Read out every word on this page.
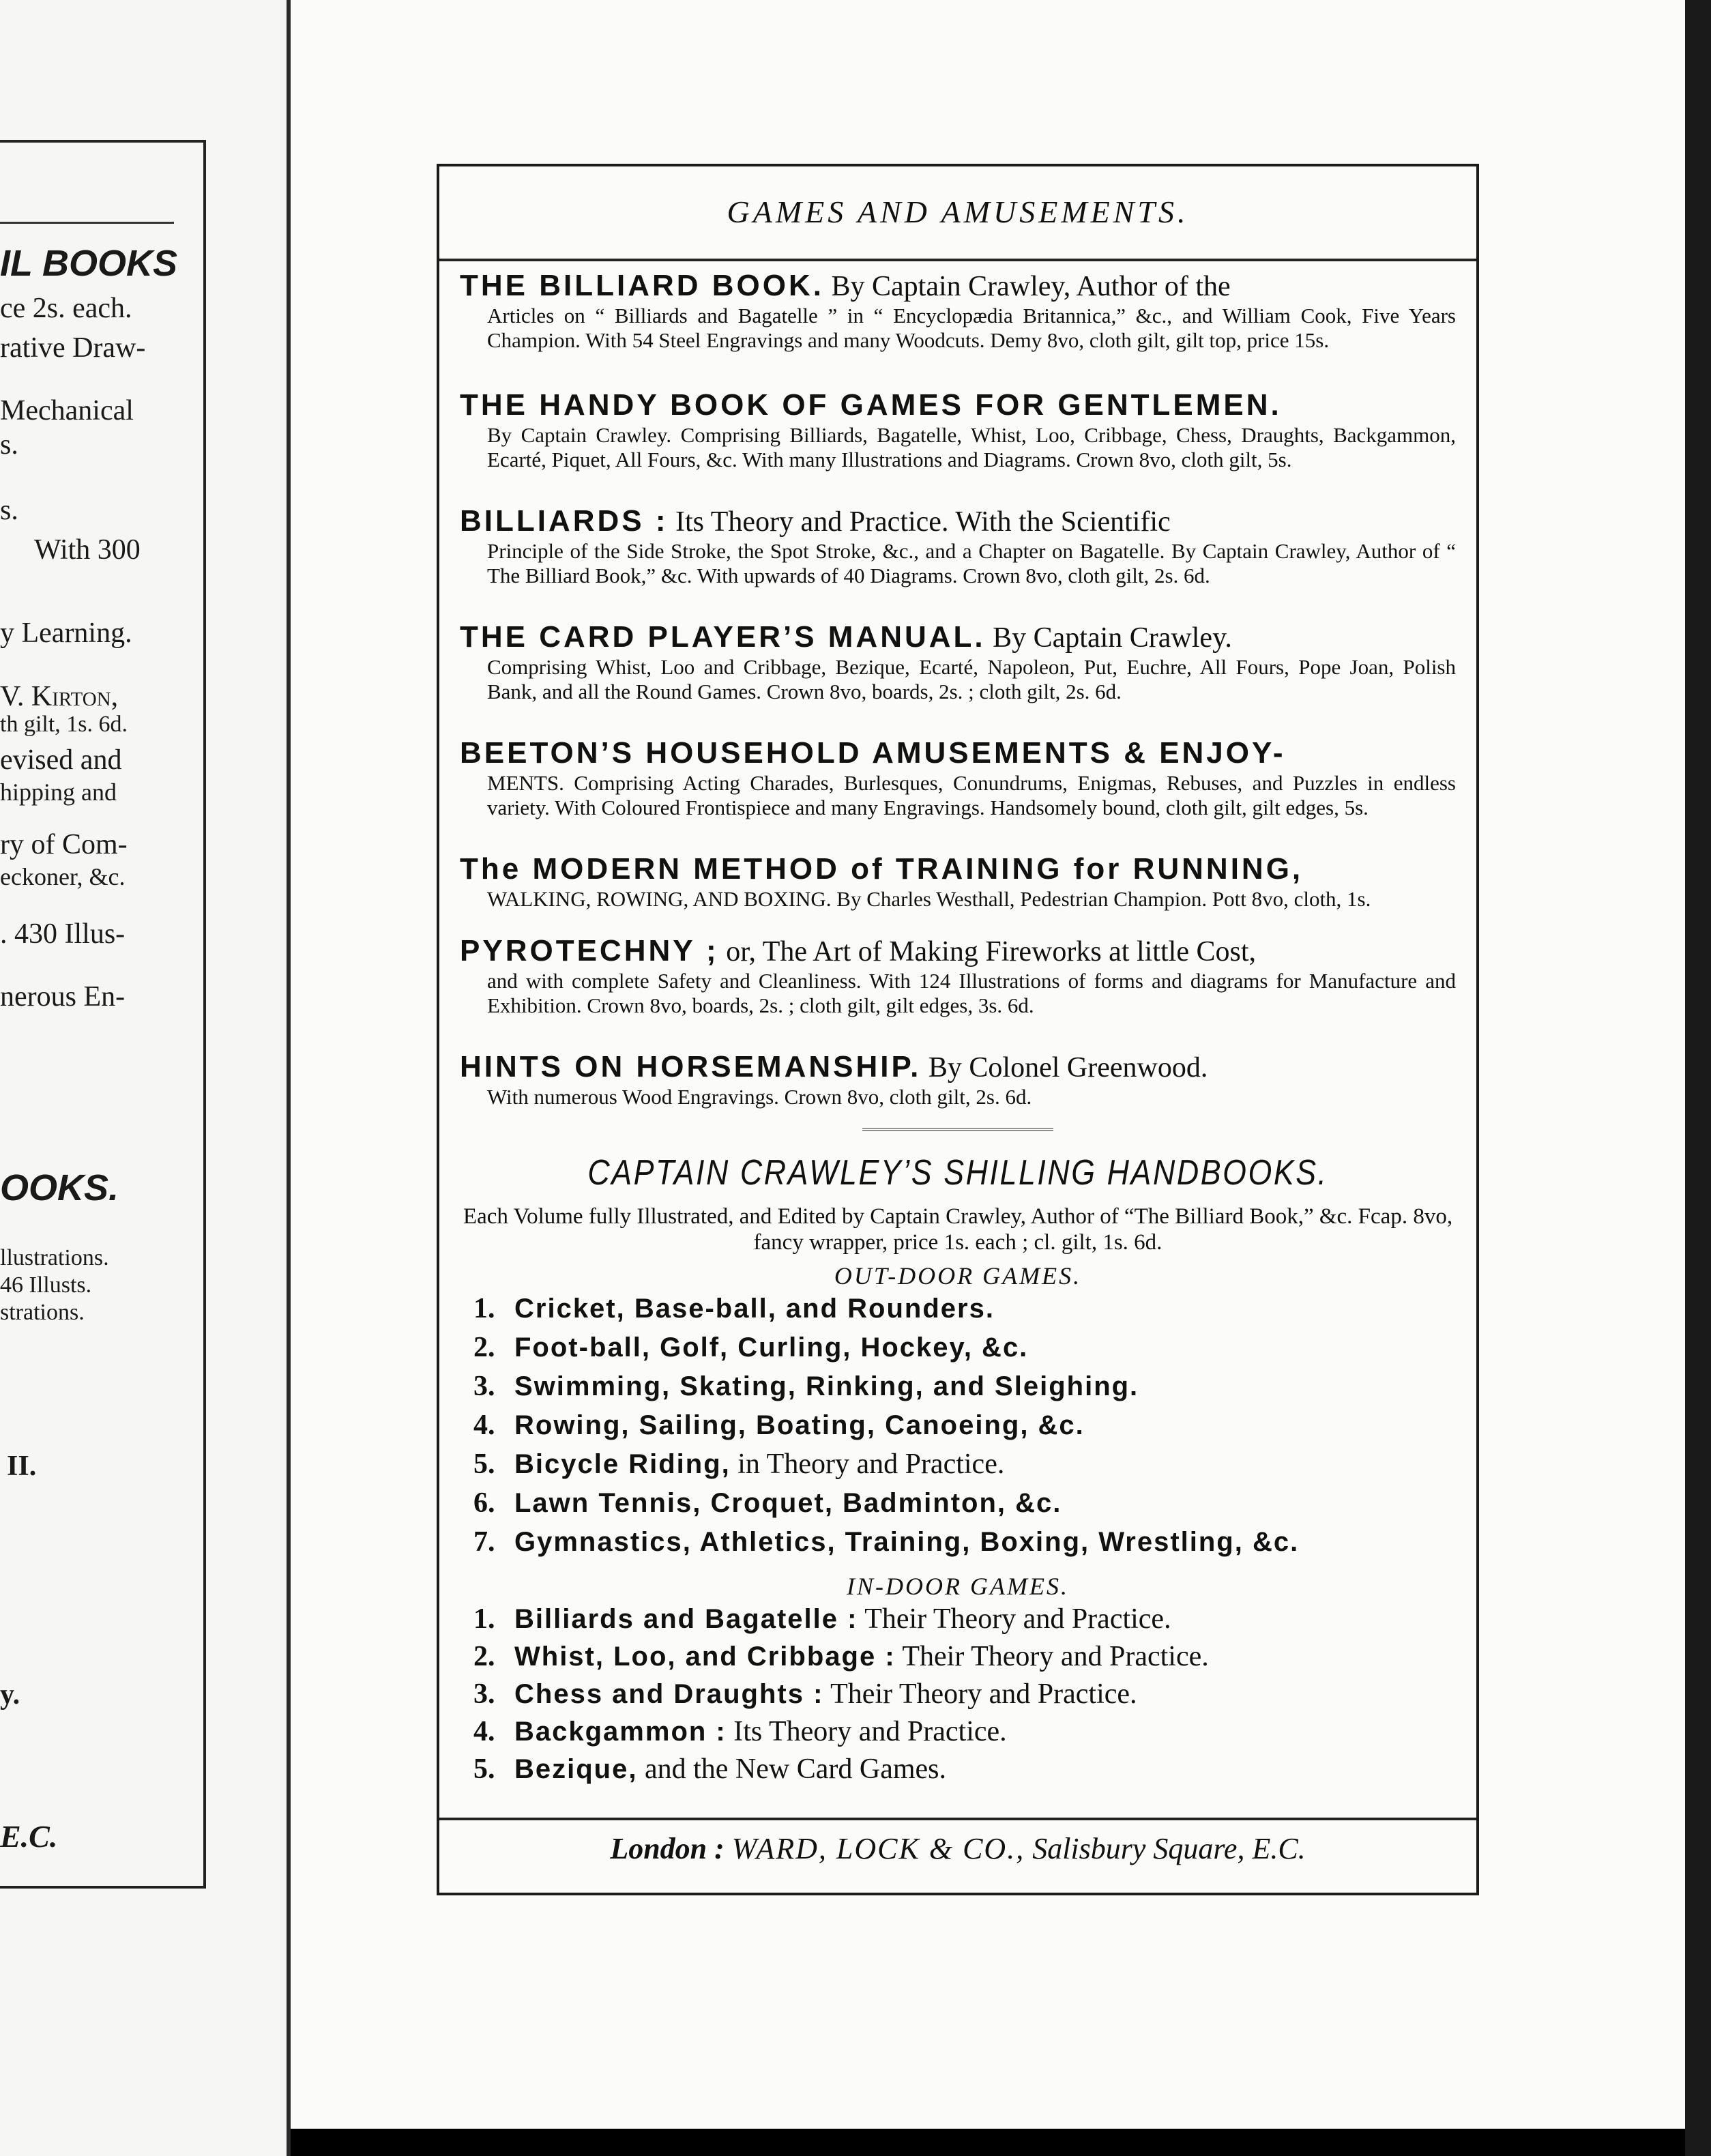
IL BOOKS
ce 2s. each.
rative Draw-
Mechanical
s.
s.
With 300
y Learning.
V. Kirton,
th gilt, 1s. 6d.
evised and
hipping and
ry of Com-
eckoner, &c.
. 430 Illus-
nerous En-
OOKS.
llustrations.
46 Illusts.
strations.
II.
y.
E.C.
GAMES AND AMUSEMENTS.
THE BILLIARD BOOK. By Captain Crawley, Author of the
Articles on “ Billiards and Bagatelle ” in “ Encyclopædia Britannica,” &c., and William Cook, Five Years Champion. With 54 Steel Engravings and many Woodcuts. Demy 8vo, cloth gilt, gilt top, price 15s.
THE HANDY BOOK OF GAMES FOR GENTLEMEN.
By Captain Crawley. Comprising Billiards, Bagatelle, Whist, Loo, Cribbage, Chess, Draughts, Backgammon, Ecarté, Piquet, All Fours, &c. With many Illustrations and Diagrams. Crown 8vo, cloth gilt, 5s.
BILLIARDS : Its Theory and Practice. With the Scientific
Principle of the Side Stroke, the Spot Stroke, &c., and a Chapter on Bagatelle. By Captain Crawley, Author of “ The Billiard Book,” &c. With upwards of 40 Diagrams. Crown 8vo, cloth gilt, 2s. 6d.
THE CARD PLAYER’S MANUAL. By Captain Crawley.
Comprising Whist, Loo and Cribbage, Bezique, Ecarté, Napoleon, Put, Euchre, All Fours, Pope Joan, Polish Bank, and all the Round Games. Crown 8vo, boards, 2s. ; cloth gilt, 2s. 6d.
BEETON’S HOUSEHOLD AMUSEMENTS & ENJOY-
MENTS. Comprising Acting Charades, Burlesques, Conundrums, Enigmas, Rebuses, and Puzzles in endless variety. With Coloured Frontispiece and many Engravings. Handsomely bound, cloth gilt, gilt edges, 5s.
The MODERN METHOD of TRAINING for RUNNING,
WALKING, ROWING, AND BOXING. By Charles Westhall, Pedestrian Champion. Pott 8vo, cloth, 1s.
PYROTECHNY ; or, The Art of Making Fireworks at little Cost,
and with complete Safety and Cleanliness. With 124 Illustrations of forms and diagrams for Manufacture and Exhibition. Crown 8vo, boards, 2s. ; cloth gilt, gilt edges, 3s. 6d.
HINTS ON HORSEMANSHIP. By Colonel Greenwood.
With numerous Wood Engravings. Crown 8vo, cloth gilt, 2s. 6d.
CAPTAIN CRAWLEY’S SHILLING HANDBOOKS.
Each Volume fully Illustrated, and Edited by Captain Crawley, Author of “The Billiard Book,” &c. Fcap. 8vo, fancy wrapper, price 1s. each ; cl. gilt, 1s. 6d.
OUT-DOOR GAMES.
1. Cricket, Base-ball, and Rounders.
2. Foot-ball, Golf, Curling, Hockey, &c.
3. Swimming, Skating, Rinking, and Sleighing.
4. Rowing, Sailing, Boating, Canoeing, &c.
5. Bicycle Riding, in Theory and Practice.
6. Lawn Tennis, Croquet, Badminton, &c.
7. Gymnastics, Athletics, Training, Boxing, Wrestling, &c.
IN-DOOR GAMES.
1. Billiards and Bagatelle : Their Theory and Practice.
2. Whist, Loo, and Cribbage : Their Theory and Practice.
3. Chess and Draughts : Their Theory and Practice.
4. Backgammon : Its Theory and Practice.
5. Bezique, and the New Card Games.
London : WARD, LOCK & CO., Salisbury Square, E.C.
